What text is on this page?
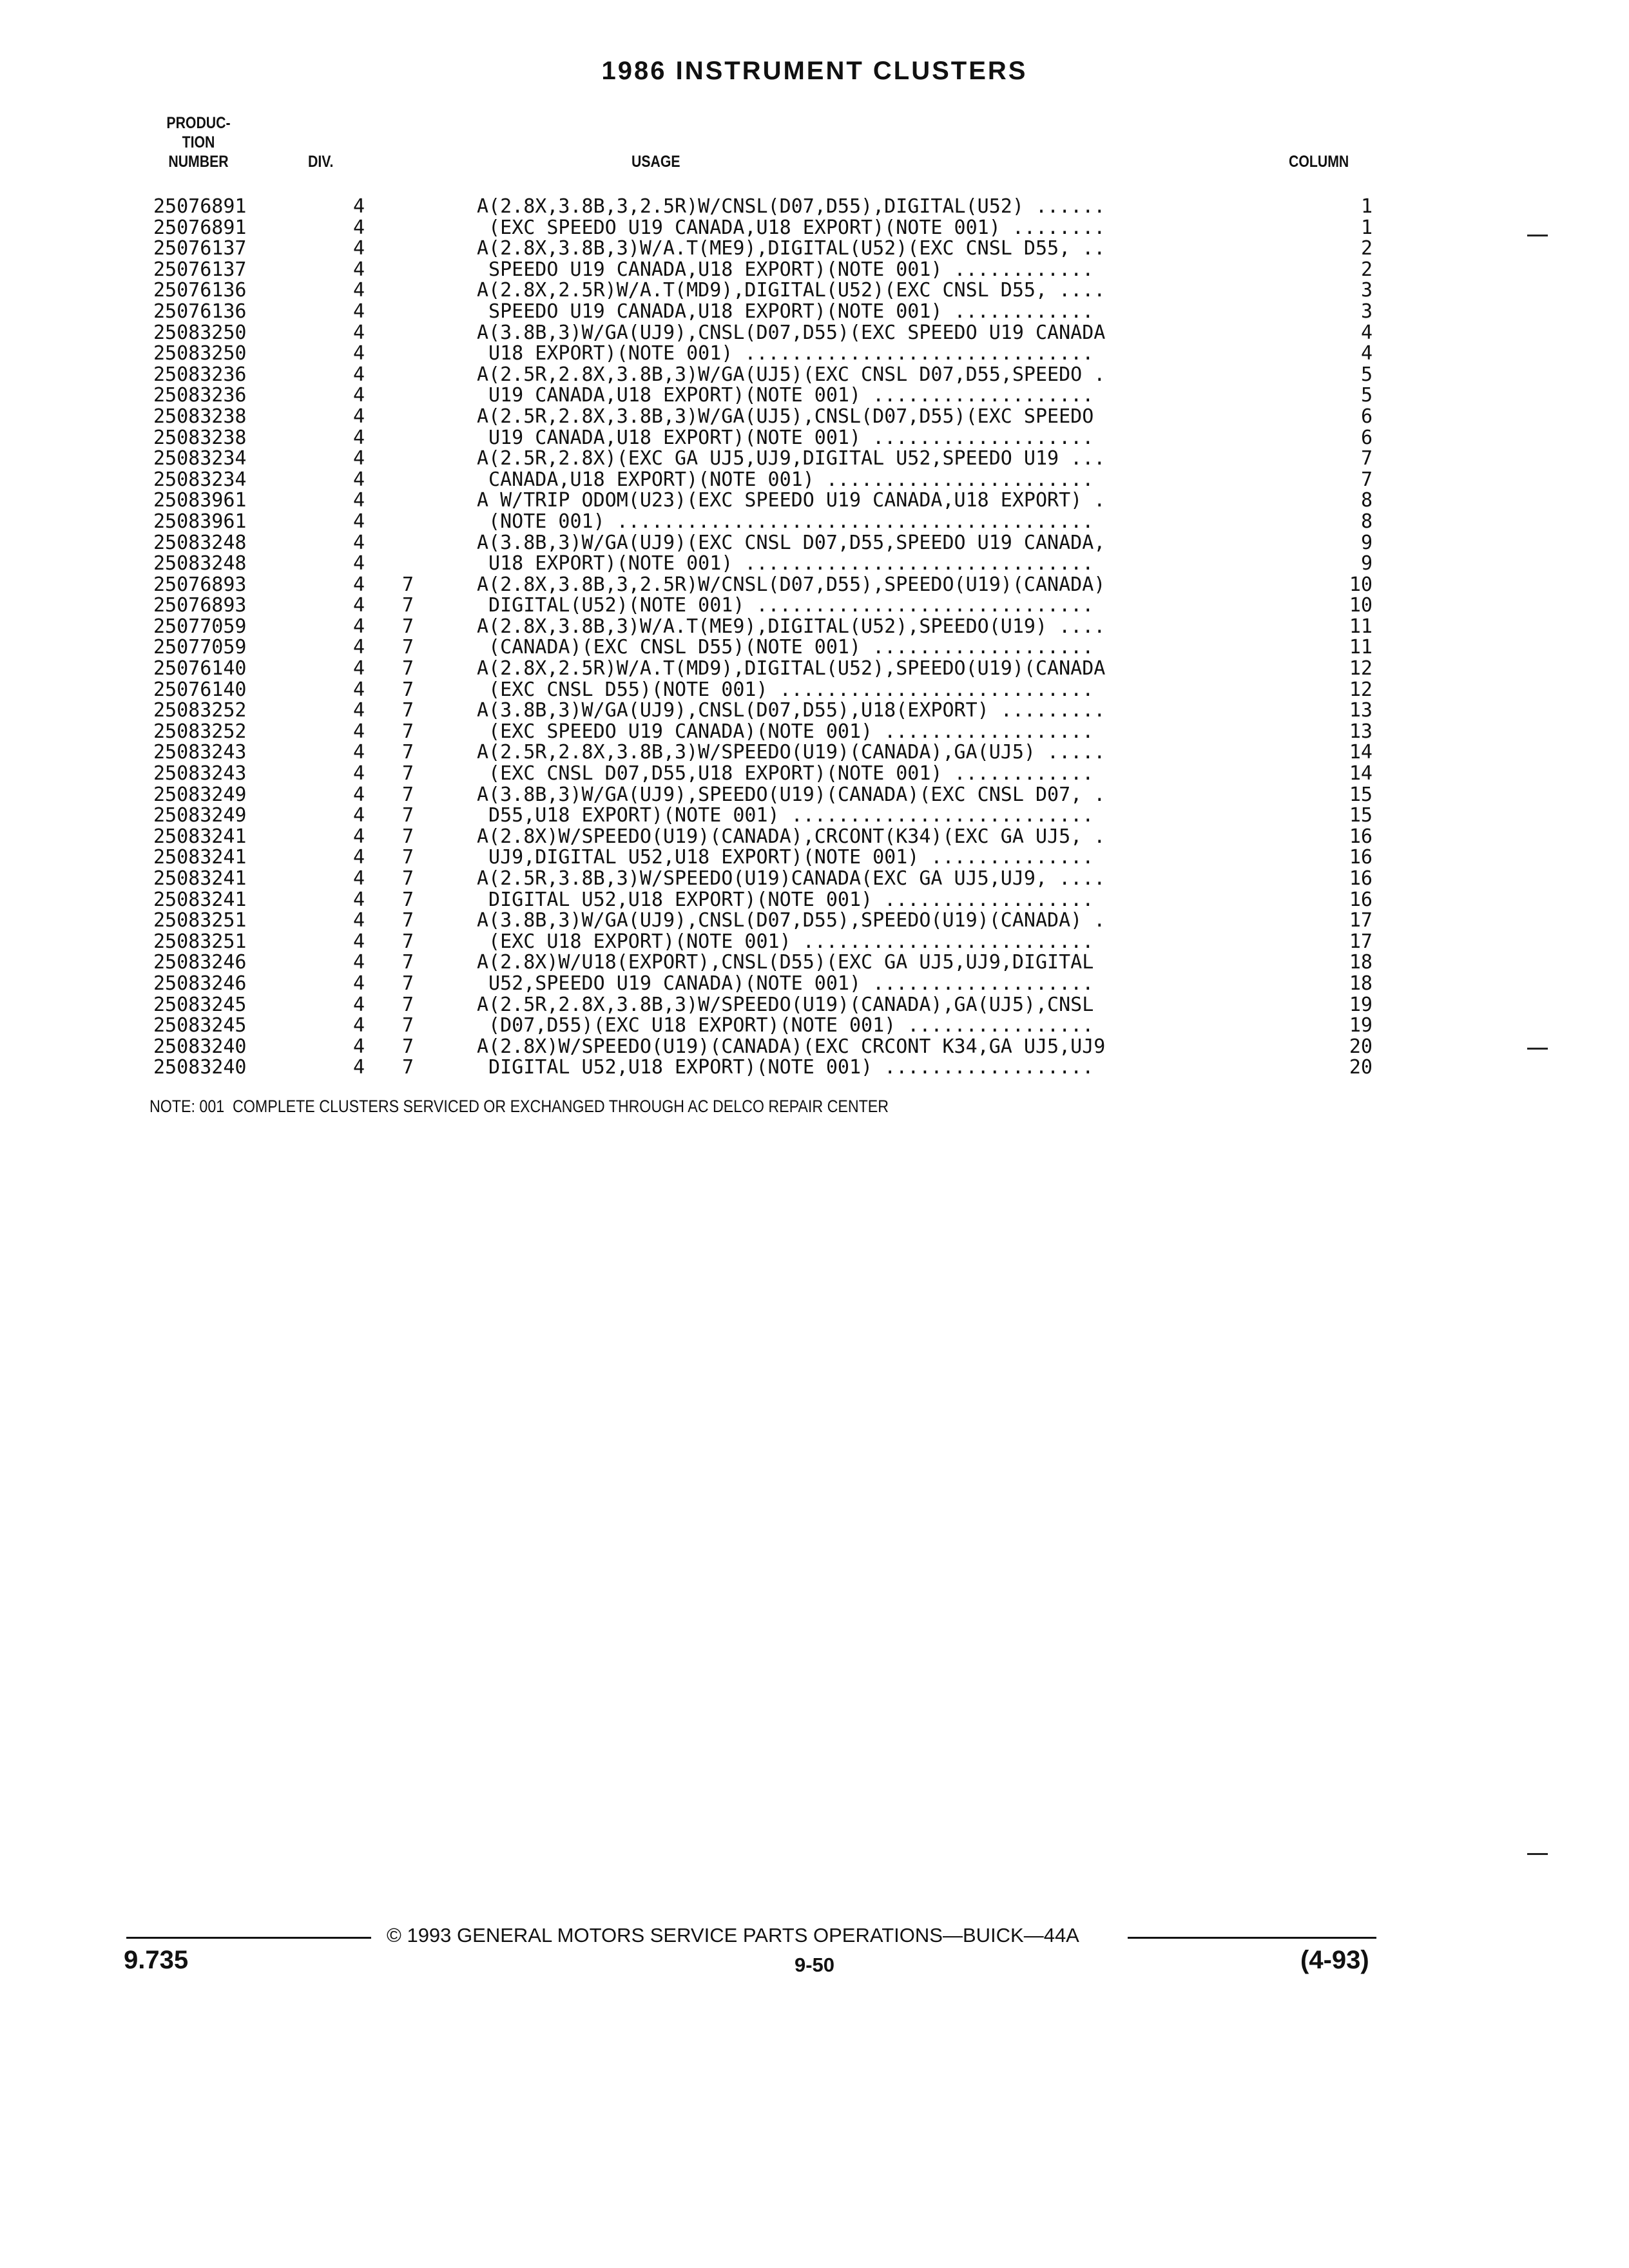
1986 INSTRUMENT CLUSTERS
PRODUC-
TION
NUMBER	DIV.	USAGE	COLUMN
25076891	4	A(2.8X,3.8B,3,2.5R)W/CNSL(D07,D55),DIGITAL(U52) ......	1
25076891	4	(EXC SPEEDO U19 CANADA,U18 EXPORT)(NOTE 001) ........	1
25076137	4	A(2.8X,3.8B,3)W/A.T(ME9),DIGITAL(U52)(EXC CNSL D55, ..	2
25076137	4	SPEEDO U19 CANADA,U18 EXPORT)(NOTE 001) ............	2
25076136	4	A(2.8X,2.5R)W/A.T(MD9),DIGITAL(U52)(EXC CNSL D55, ....	3
25076136	4	SPEEDO U19 CANADA,U18 EXPORT)(NOTE 001) ............	3
25083250	4	A(3.8B,3)W/GA(UJ9),CNSL(D07,D55)(EXC SPEEDO U19 CANADA	4
25083250	4	U18 EXPORT)(NOTE 001) ..............................	4
25083236	4	A(2.5R,2.8X,3.8B,3)W/GA(UJ5)(EXC CNSL D07,D55,SPEEDO .	5
25083236	4	U19 CANADA,U18 EXPORT)(NOTE 001) ...................	5
25083238	4	A(2.5R,2.8X,3.8B,3)W/GA(UJ5),CNSL(D07,D55)(EXC SPEEDO	6
25083238	4	U19 CANADA,U18 EXPORT)(NOTE 001) ...................	6
25083234	4	A(2.5R,2.8X)(EXC GA UJ5,UJ9,DIGITAL U52,SPEEDO U19 ...	7
25083234	4	CANADA,U18 EXPORT)(NOTE 001) .......................	7
25083961	4	A W/TRIP ODOM(U23)(EXC SPEEDO U19 CANADA,U18 EXPORT) .	8
25083961	4	(NOTE 001) .........................................	8
25083248	4	A(3.8B,3)W/GA(UJ9)(EXC CNSL D07,D55,SPEEDO U19 CANADA,	9
25083248	4	U18 EXPORT)(NOTE 001) ..............................	9
25076893	4 7	A(2.8X,3.8B,3,2.5R)W/CNSL(D07,D55),SPEEDO(U19)(CANADA)	10
25076893	4 7	DIGITAL(U52)(NOTE 001) .............................	10
25077059	4 7	A(2.8X,3.8B,3)W/A.T(ME9),DIGITAL(U52),SPEEDO(U19) ....	11
25077059	4 7	(CANADA)(EXC CNSL D55)(NOTE 001) ...................	11
25076140	4 7	A(2.8X,2.5R)W/A.T(MD9),DIGITAL(U52),SPEEDO(U19)(CANADA	12
25076140	4 7	(EXC CNSL D55)(NOTE 001) ...........................	12
25083252	4 7	A(3.8B,3)W/GA(UJ9),CNSL(D07,D55),U18(EXPORT) .........	13
25083252	4 7	(EXC SPEEDO U19 CANADA)(NOTE 001) ..................	13
25083243	4 7	A(2.5R,2.8X,3.8B,3)W/SPEEDO(U19)(CANADA),GA(UJ5) .....	14
25083243	4 7	(EXC CNSL D07,D55,U18 EXPORT)(NOTE 001) ............	14
25083249	4 7	A(3.8B,3)W/GA(UJ9),SPEEDO(U19)(CANADA)(EXC CNSL D07, .	15
25083249	4 7	D55,U18 EXPORT)(NOTE 001) ..........................	15
25083241	4 7	A(2.8X)W/SPEEDO(U19)(CANADA),CRCONT(K34)(EXC GA UJ5, .	16
25083241	4 7	UJ9,DIGITAL U52,U18 EXPORT)(NOTE 001) ..............	16
25083241	4 7	A(2.5R,3.8B,3)W/SPEEDO(U19)CANADA(EXC GA UJ5,UJ9, ....	16
25083241	4 7	DIGITAL U52,U18 EXPORT)(NOTE 001) ..................	16
25083251	4 7	A(3.8B,3)W/GA(UJ9),CNSL(D07,D55),SPEEDO(U19)(CANADA) .	17
25083251	4 7	(EXC U18 EXPORT)(NOTE 001) .........................	17
25083246	4 7	A(2.8X)W/U18(EXPORT),CNSL(D55)(EXC GA UJ5,UJ9,DIGITAL	18
25083246	4 7	U52,SPEEDO U19 CANADA)(NOTE 001) ...................	18
25083245	4 7	A(2.5R,2.8X,3.8B,3)W/SPEEDO(U19)(CANADA),GA(UJ5),CNSL	19
25083245	4 7	(D07,D55)(EXC U18 EXPORT)(NOTE 001) ................	19
25083240	4 7	A(2.8X)W/SPEEDO(U19)(CANADA)(EXC CRCONT K34,GA UJ5,UJ9	20
25083240	4 7	DIGITAL U52,U18 EXPORT)(NOTE 001) ..................	20
NOTE: 001  COMPLETE CLUSTERS SERVICED OR EXCHANGED THROUGH AC DELCO REPAIR CENTER
© 1993 GENERAL MOTORS SERVICE PARTS OPERATIONS—BUICK—44A
9.735	9-50	(4-93)
